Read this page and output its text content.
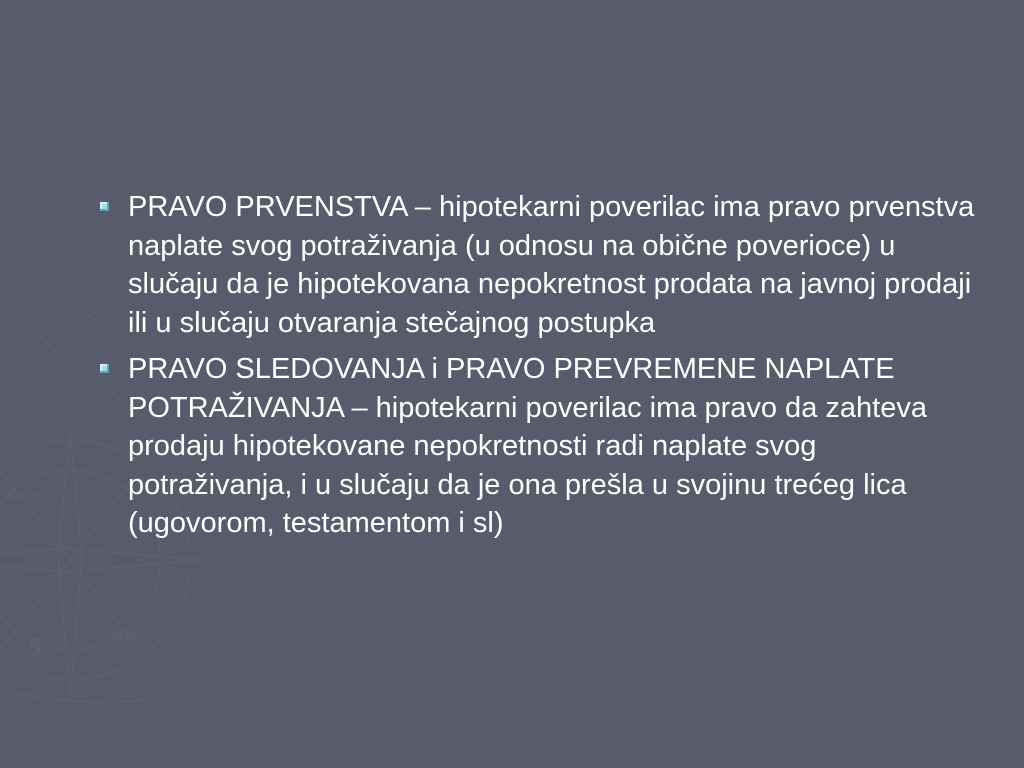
S	SSW
WSW
PRAVO PRVENSTVA – hipotekarni poverilac ima pravo prvenstva naplate svog potraživanja (u odnosu na obične poverioce) u slučaju da je hipotekovana nepokretnost prodata na javnoj prodaji ili u slučaju otvaranja stečajnog postupka
PRAVO SLEDOVANJA i PRAVO PREVREMENE NAPLATE POTRAŽIVANJA – hipotekarni poverilac ima pravo da zahteva prodaju hipotekovane nepokretnosti radi naplate svog potraživanja, i u slučaju da je ona prešla u svojinu trećeg lica (ugovorom, testamentom i sl)
